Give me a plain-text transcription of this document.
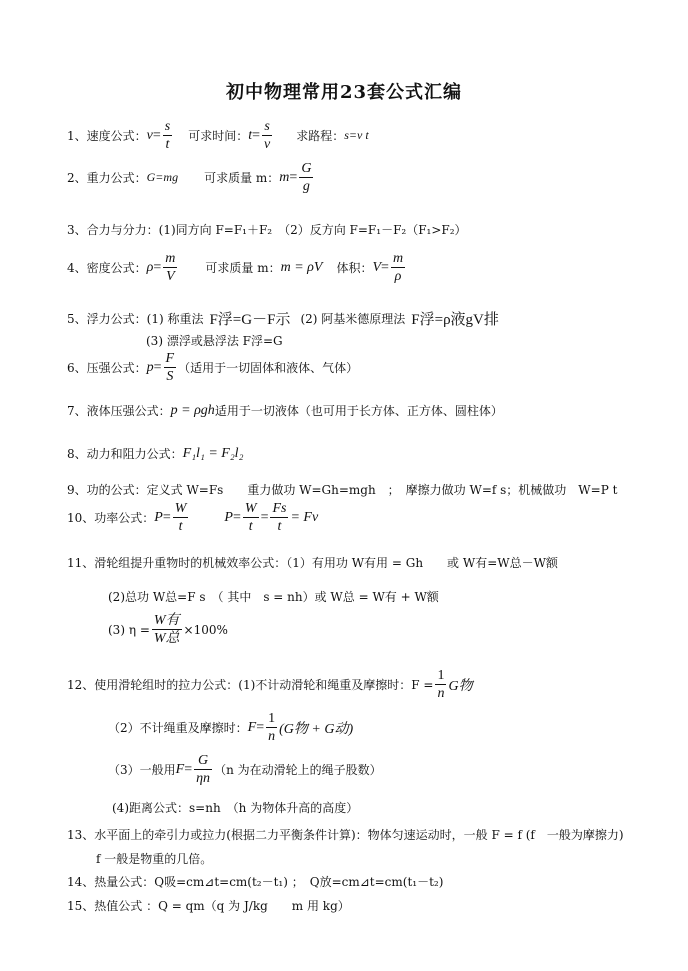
初中物理常用23套公式汇编
1、速度公式： $v = \frac{s}{t}$ 可求时间： $t = \frac{s}{v}$ 求路程： s=v t
2、重力公式： G=mg 可求质量 m： $m = \frac{G}{g}$
3、合力与分力：(1)同方向 F=F₁＋F₂　（2）反方向 F=F₁－F₂（F₁>F₂）
4、密度公式： $\rho = \frac{m}{V}$ 可求质量 m： m = ρV 体积： $V = \frac{m}{\rho}$
5、浮力公式：(1) 称重法 F浮=G－F示 (2) 阿基米德原理法 F浮=ρ液gV排
(3) 漂浮或悬浮法 F浮=G
6、压强公式： $p = \frac{F}{S}$ （适用于一切固体和液体、气体）
7、液体压强公式： p = ρgh 适用于一切液体（也可用于长方体、正方体、圆柱体）
8、动力和阻力公式： F₁l₁ = F₂l₂
9、功的公式：定义式 W=Fs　　重力做功 W=Gh=mgh　；　摩擦力做功 W=f s；机械做功　W=P t
10、功率公式： $P = \frac{W}{t}$	$P = \frac{W}{t} = \frac{Fs}{t} = Fv$
11、滑轮组提升重物时的机械效率公式：（1）有用功 W有用 = Gh　　或 W有=W总－W额
(2)总功 W总=F s　（ 其中　s = nh）或 W总 = W有 + W额
(3) $\eta = \frac{\text{W有}}{\text{W总}} \times 100\%$
12、使用滑轮组时的拉力公式：(1)不计动滑轮和绳重及摩擦时：$F = \frac{1}{n}$ G物
（2）不计绳重及摩擦时： $F = \frac{1}{n} (G$物 + G动)
（3）一般用 $F = \frac{G}{\eta n} (n$ 为在动滑轮上的绳子股数）
(4)距离公式：s=nh　（h 为物体升高的高度）
13、水平面上的牵引力或拉力(根据二力平衡条件计算)：物体匀速运动时，一般 F = f (f　一般为摩擦力)
f 一般是物重的几倍。
14、热量公式：Q吸=cm⊿t=cm(t₂－t₁) ；　Q放=cm⊿t=cm(t₁－t₂)
15、热值公式 ：Q = qm（q 为 J/kg　　m 用 kg）
